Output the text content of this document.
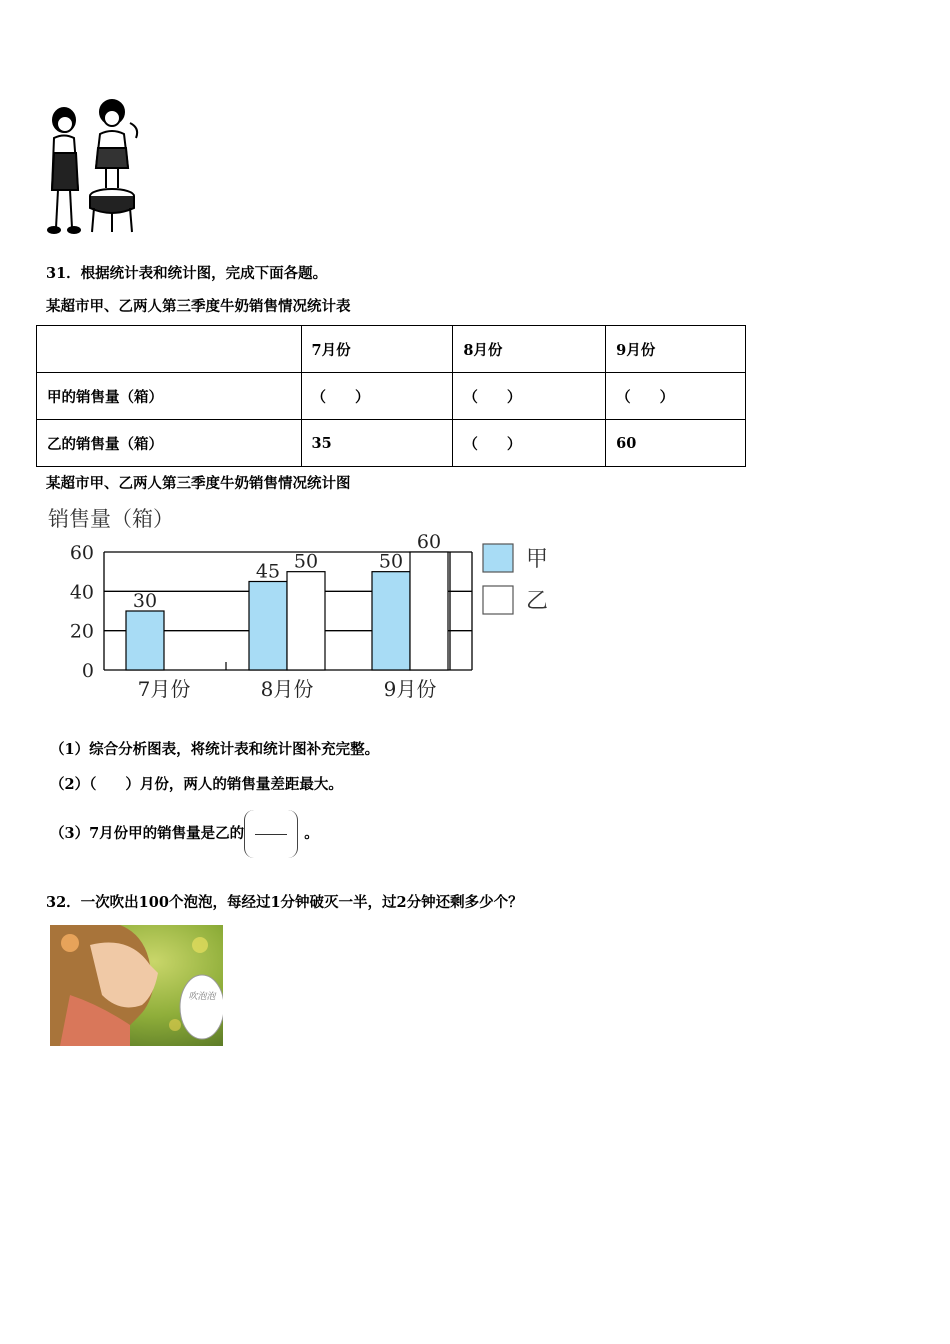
31．根据统计表和统计图，完成下面各题。
某超市甲、乙两人第三季度牛奶销售情况统计表
	7月份	8月份	9月份
甲的销售量（箱）	（　　）	（　　）	（　　）
乙的销售量（箱）	35	（　　）	60
某超市甲、乙两人第三季度牛奶销售情况统计图
销售量（箱）
0
20
40
60
30
7月份
45 50
8月份
50
60
9月份
甲
乙
（1）综合分析图表，将统计表和统计图补充完整。
（2）（　　）月份，两人的销售量差距最大。
（3）7月份甲的销售量是乙的	。
32．一次吹出100个泡泡，每经过1分钟破灭一半，过2分钟还剩多少个？
吹泡泡
